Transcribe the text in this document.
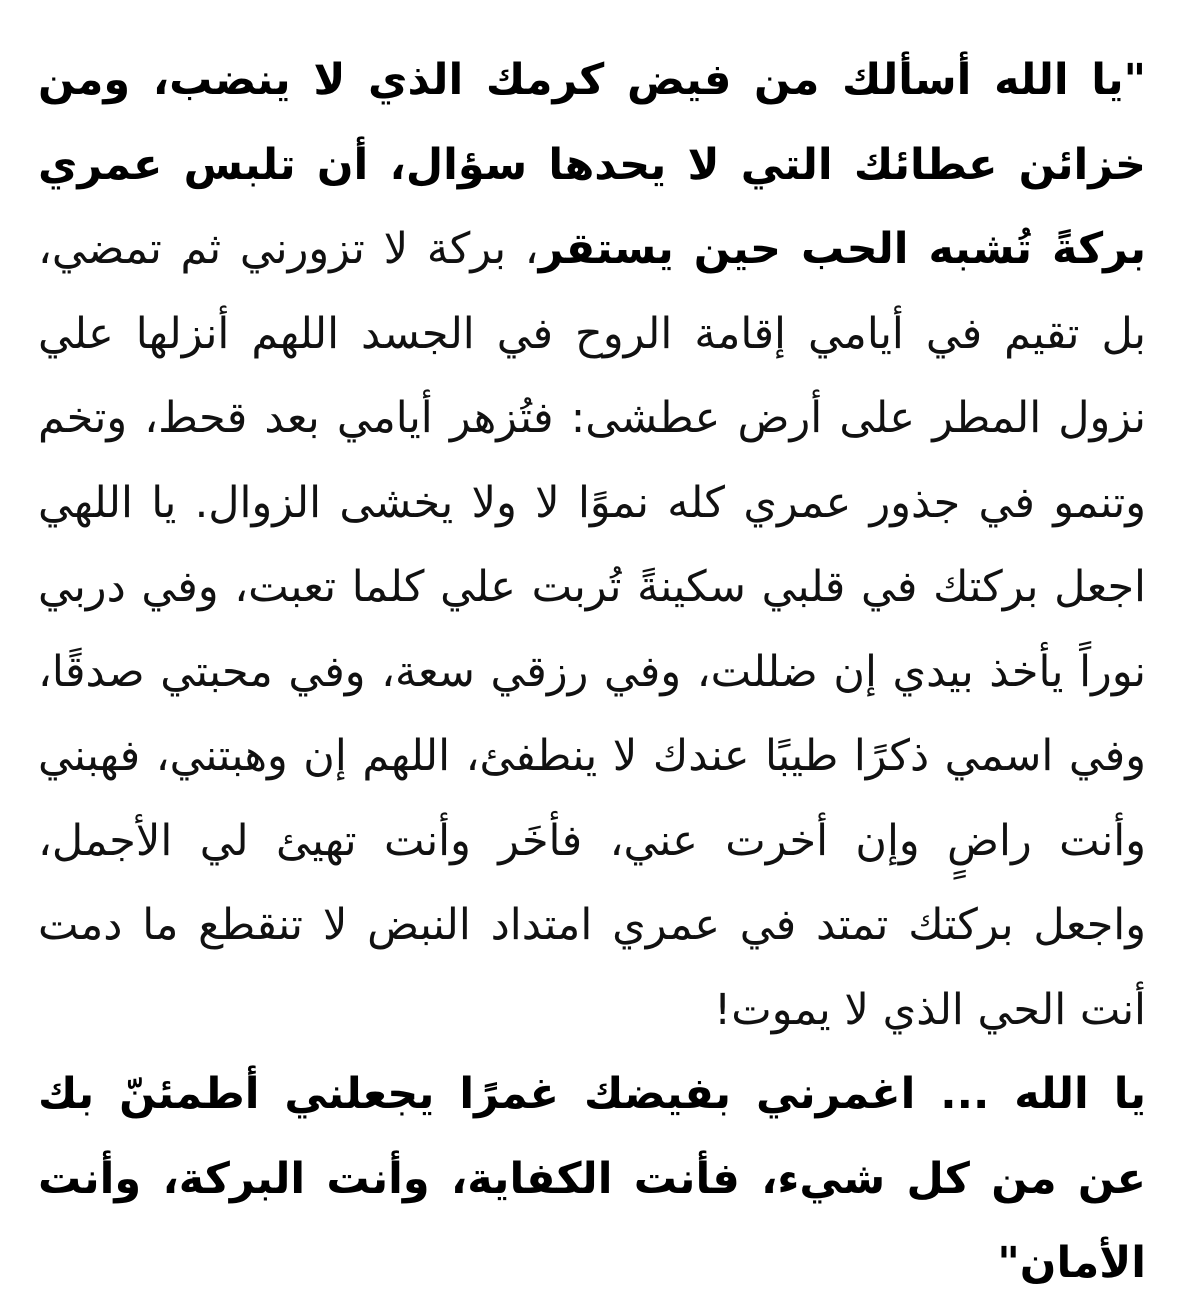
"يا الله أسألك من فيض كرمك الذي لا ينضب، ومن خزائن عطائك التي لا يحدها سؤال، أن تلبس عمري بركةً تُشبه الحب حين يستقر، بركة لا تزورني ثم تمضي، بل تقيم في أيامي إقامة الروح في الجسد اللهم أنزلها علي نزول المطر على أرض عطشى: فتُزهر أيامي بعد قحط، وتخم وتنمو في جذور عمري كله نموًا لا ولا يخشى الزوال. يا اللهي اجعل بركتك في قلبي سكينةً تُربت علي كلما تعبت، وفي دربي نوراً يأخذ بيدي إن ضللت، وفي رزقي سعة، وفي محبتي صدقًا، وفي اسمي ذكرًا طيبًا عندك لا ينطفئ، اللهم إن وهبتني، فهبني وأنت راضٍ وإن أخرت عني، فأخَر وأنت تهيئ لي الأجمل، واجعل بركتك تمتد في عمري امتداد النبض لا تنقطع ما دمت أنت الحي الذي لا يموت!
يا الله ... اغمرني بفيضك غمرًا يجعلني أطمئنّ بك عن من كل شيء، فأنت الكفاية، وأنت البركة، وأنت الأمان"
